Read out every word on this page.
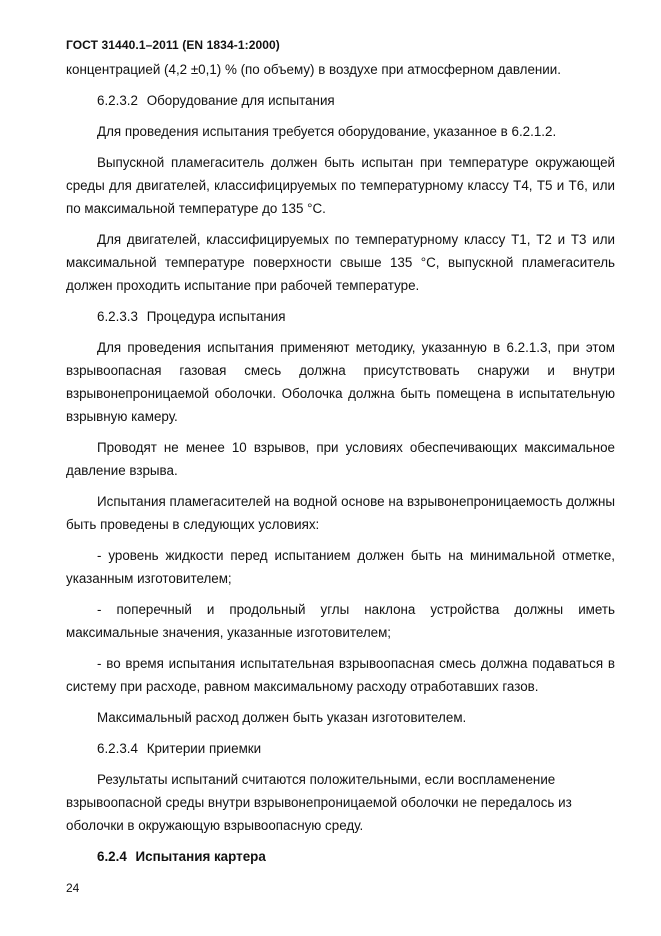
ГОСТ 31440.1–2011 (EN 1834-1:2000)

концентрацией (4,2 ±0,1) % (по объему) в воздухе при атмосферном давлении.

6.2.3.2 Оборудование для испытания

Для проведения испытания требуется оборудование, указанное в 6.2.1.2.

Выпускной пламегаситель должен быть испытан при температуре окружающей среды для двигателей, классифицируемых по температурному классу Т4, Т5 и Т6, или по максимальной температуре до 135 °С.

Для двигателей, классифицируемых по температурному классу Т1, Т2 и Т3 или максимальной температуре поверхности свыше 135 °С, выпускной пламегаситель должен проходить испытание при рабочей температуре.

6.2.3.3 Процедура испытания

Для проведения испытания применяют методику, указанную в 6.2.1.3, при этом взрывоопасная газовая смесь должна присутствовать снаружи и внутри взрывонепроницаемой оболочки. Оболочка должна быть помещена в испытательную взрывную камеру.

Проводят не менее 10 взрывов, при условиях обеспечивающих максимальное давление взрыва.

Испытания пламегасителей на водной основе на взрывонепроницаемость должны быть проведены в следующих условиях:

- уровень жидкости перед испытанием должен быть на минимальной отметке, указанным изготовителем;

- поперечный и продольный углы наклона устройства должны иметь максимальные значения, указанные изготовителем;

- во время испытания испытательная взрывоопасная смесь должна подаваться в систему при расходе, равном максимальному расходу отработавших газов.

Максимальный расход должен быть указан изготовителем.

6.2.3.4 Критерии приемки

Результаты испытаний считаются положительными, если воспламенение взрывоопасной среды внутри взрывонепроницаемой оболочки не передалось из оболочки в окружающую взрывоопасную среду.

6.2.4 Испытания картера
24
